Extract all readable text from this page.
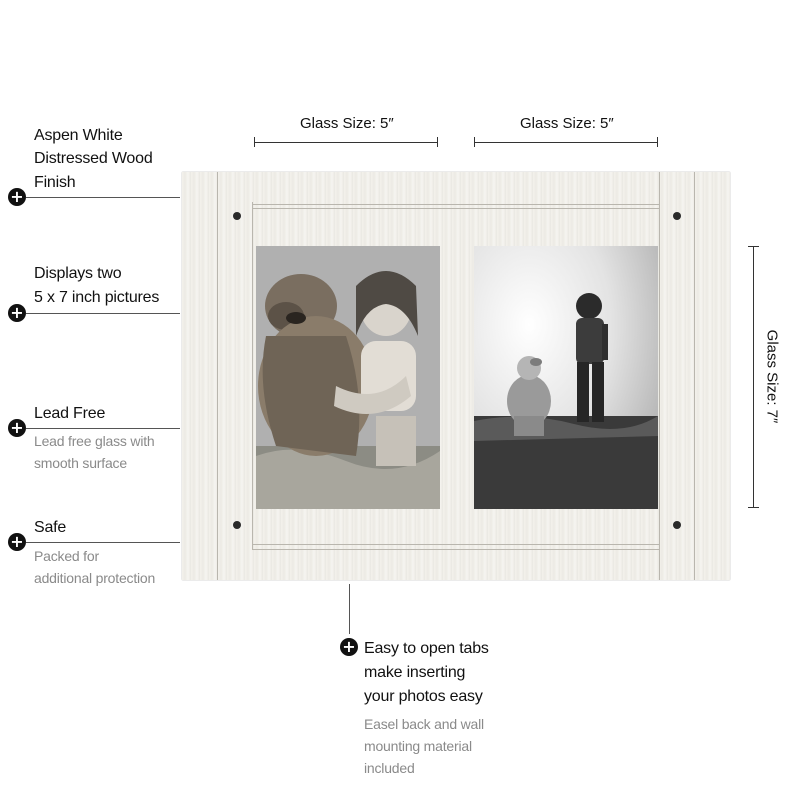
Glass Size: 5″	Glass Size: 5″
Glass Size: 7″
Aspen White
Distressed Wood
Finish
+
Displays two
5 x 7 inch pictures
+
Lead Free
+
Lead free glass with
smooth surface
Safe
+
Packed for
additional protection
+ Easy to open tabs
make inserting
your photos easy
Easel back and wall
mounting material
included
